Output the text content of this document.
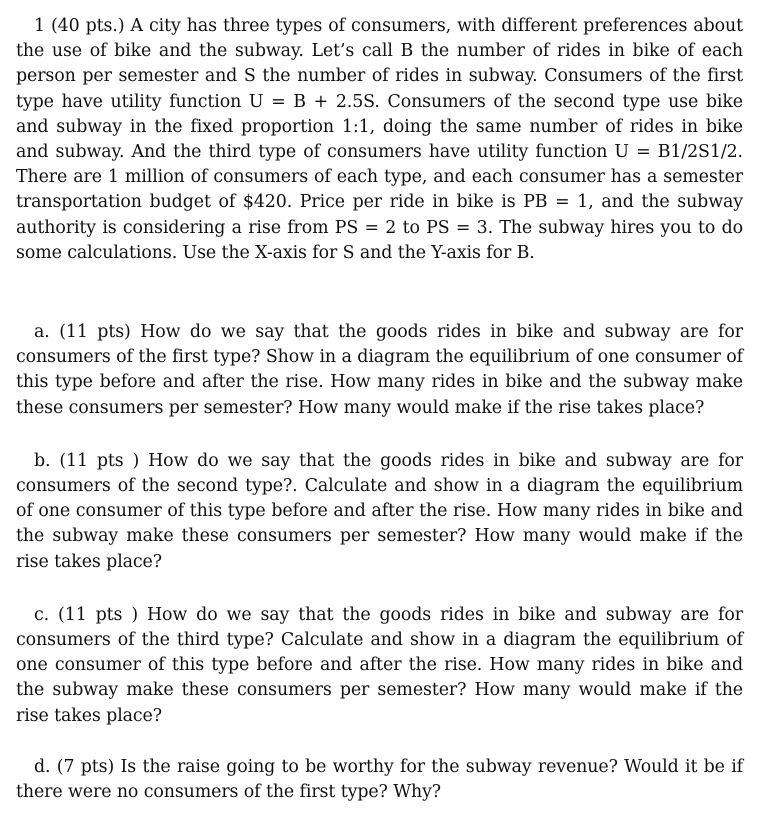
1 (40 pts.) A city has three types of consumers, with different preferences about the use of bike and the subway. Let’s call B the number of rides in bike of each person per semester and S the number of rides in subway. Consumers of the first type have utility function U = B + 2.5S. Consumers of the second type use bike and subway in the fixed proportion 1:1, doing the same number of rides in bike and subway. And the third type of consumers have utility function U = B1/2S1/2. There are 1 million of consumers of each type, and each consumer has a semester transportation budget of $420. Price per ride in bike is PB = 1, and the subway authority is considering a rise from PS = 2 to PS = 3. The subway hires you to do some calculations. Use the X-axis for S and the Y-axis for B.

a. (11 pts) How do we say that the goods rides in bike and subway are for consumers of the first type? Show in a diagram the equilibrium of one consumer of this type before and after the rise. How many rides in bike and the subway make these consumers per semester? How many would make if the rise takes place?

b. (11 pts ) How do we say that the goods rides in bike and subway are for consumers of the second type?. Calculate and show in a diagram the equilibrium of one consumer of this type before and after the rise. How many rides in bike and the subway make these consumers per semester? How many would make if the rise takes place?

c. (11 pts ) How do we say that the goods rides in bike and subway are for consumers of the third type? Calculate and show in a diagram the equilibrium of one consumer of this type before and after the rise. How many rides in bike and the subway make these consumers per semester? How many would make if the rise takes place?

d. (7 pts) Is the raise going to be worthy for the subway revenue? Would it be if there were no consumers of the first type? Why?
